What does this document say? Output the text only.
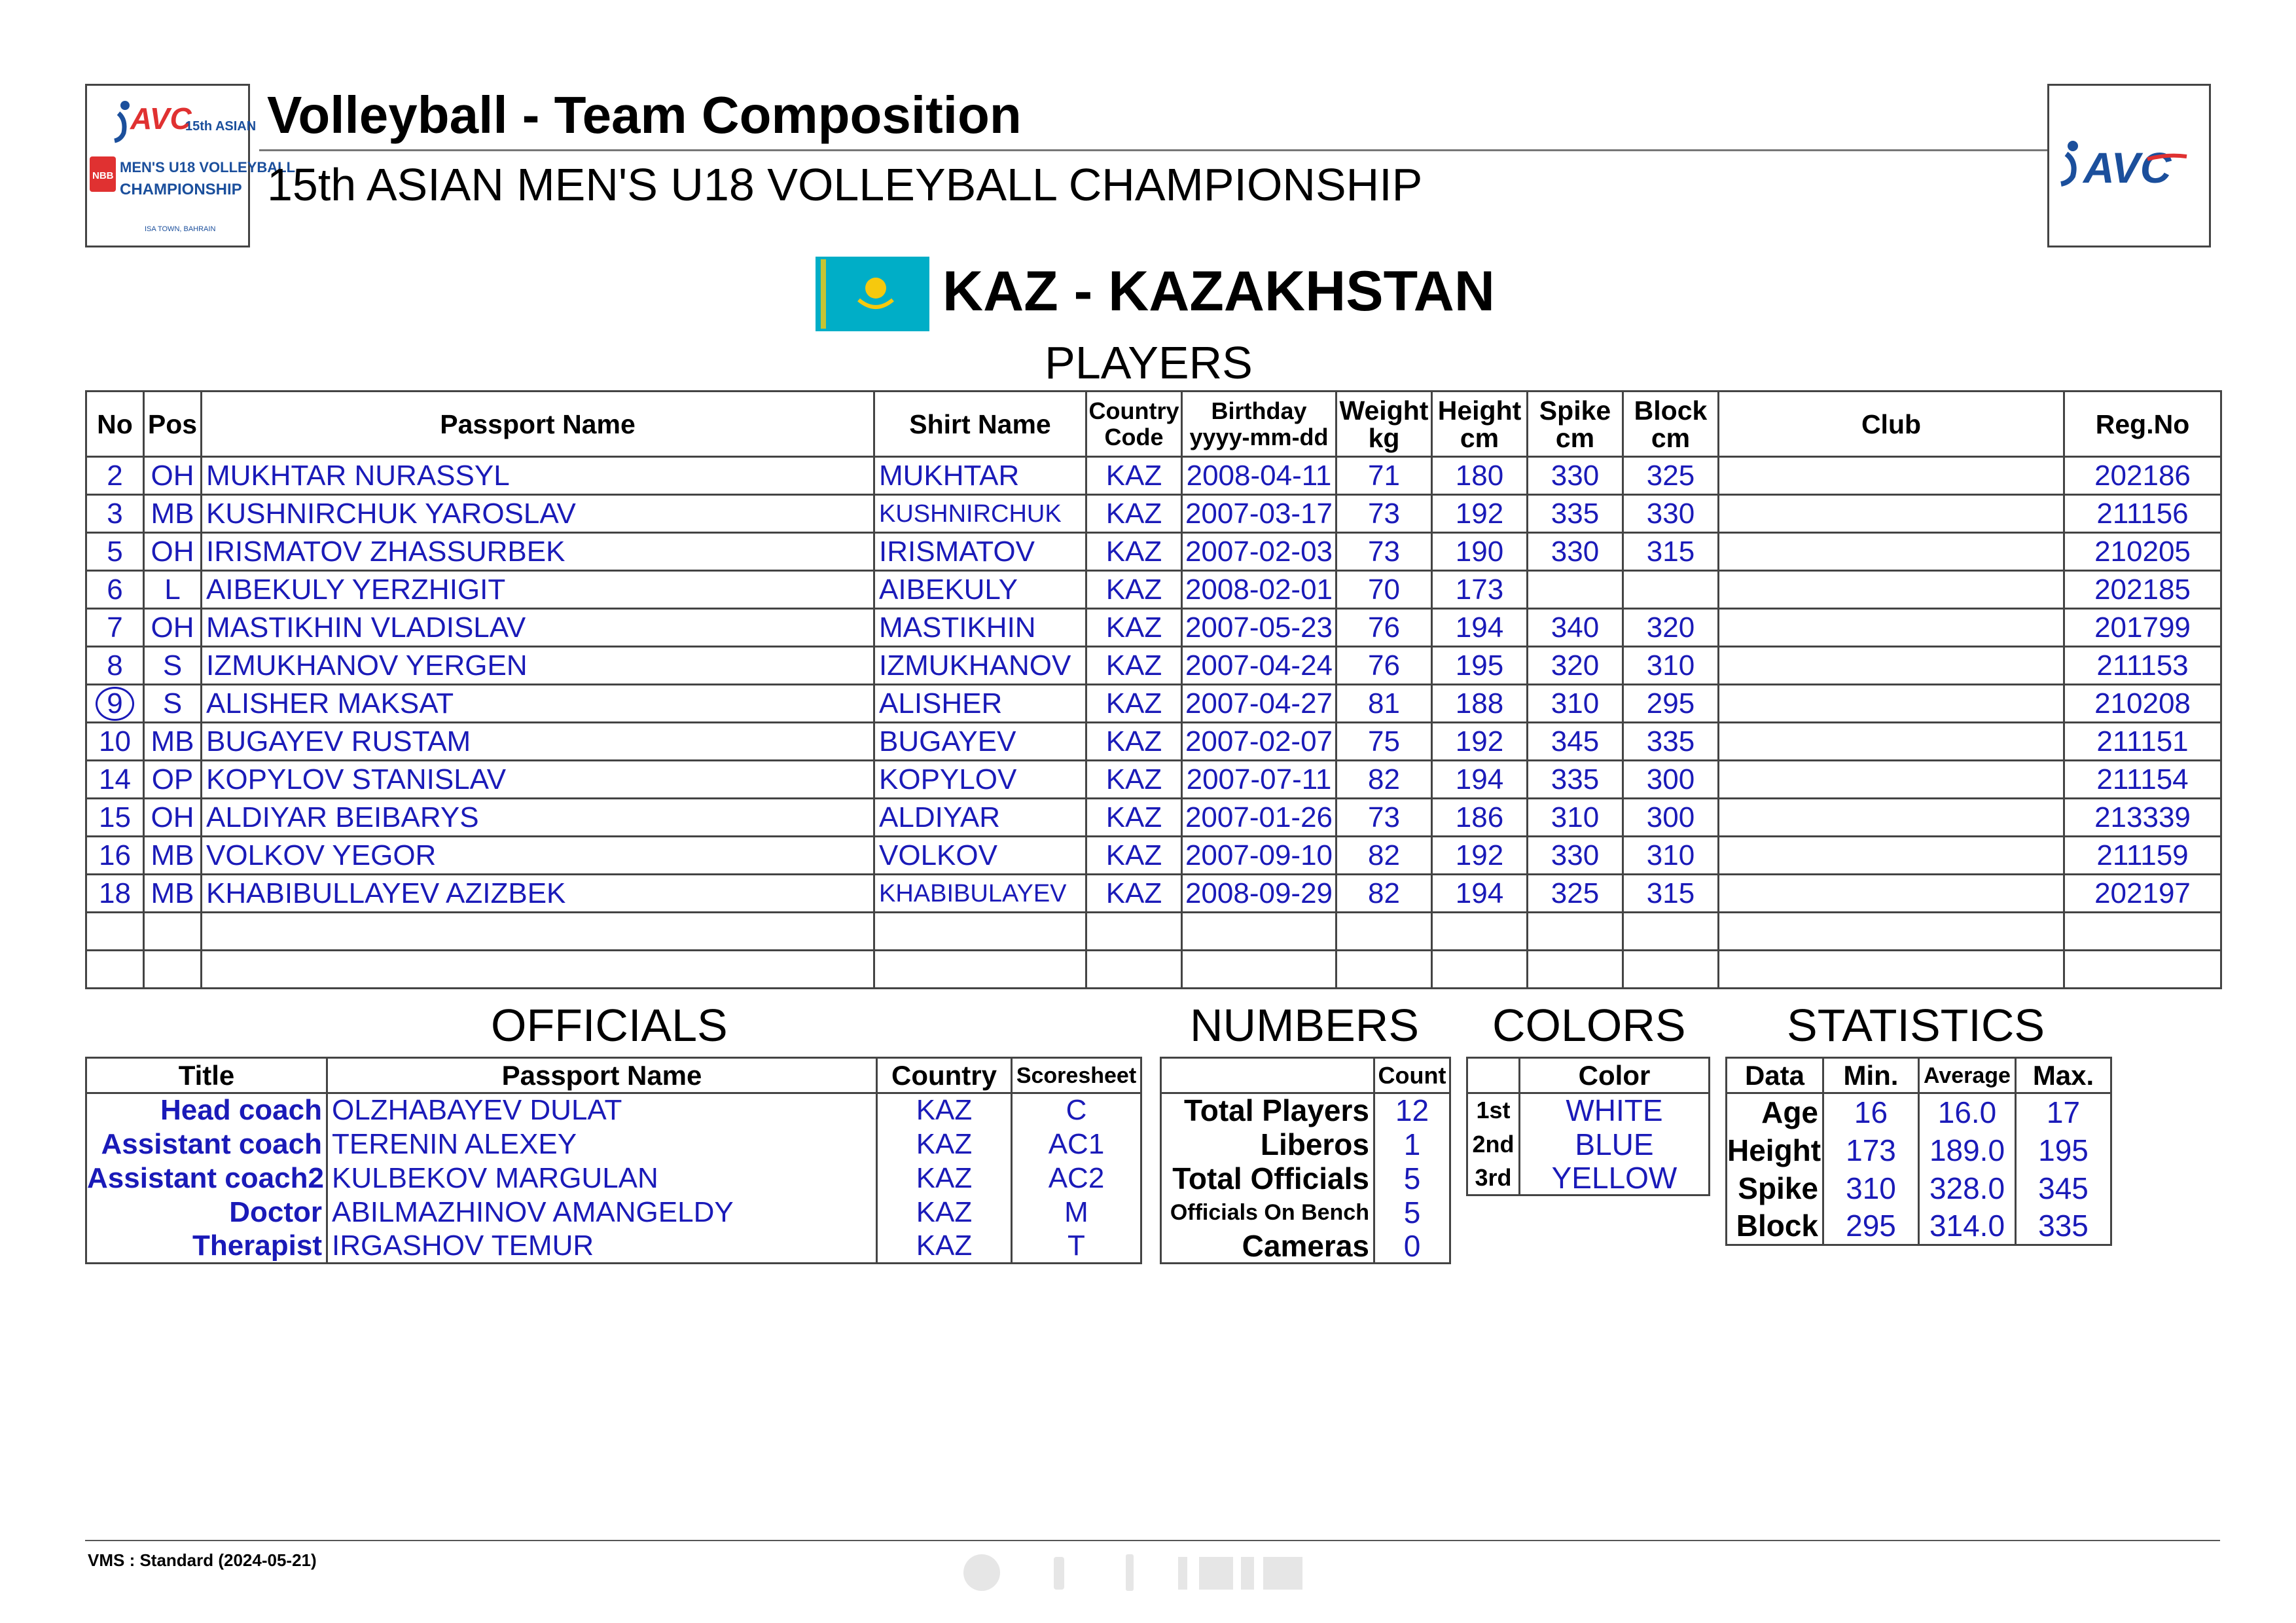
AVC
15th ASIAN
NBB
MEN'S U18 VOLLEYBALL
CHAMPIONSHIP
ISA TOWN, BAHRAIN
Volleyball - Team Composition
15th ASIAN MEN'S U18 VOLLEYBALL CHAMPIONSHIP	AVC
KAZ - KAZAKHSTAN
PLAYERS
No	Pos	Passport Name	Shirt Name	Country Code	Birthday yyyy-mm-dd	Weight kg	Height cm	Spike cm	Block cm	Club	Reg.No
2	OH	MUKHTAR NURASSYL	MUKHTAR	KAZ	2008-04-11	71	180	330	325		202186
3	MB	KUSHNIRCHUK YAROSLAV	KUSHNIRCHUK	KAZ	2007-03-17	73	192	335	330		211156
5	OH	IRISMATOV ZHASSURBEK	IRISMATOV	KAZ	2007-02-03	73	190	330	315		210205
6	L	AIBEKULY YERZHIGIT	AIBEKULY	KAZ	2008-02-01	70	173				202185
7	OH	MASTIKHIN VLADISLAV	MASTIKHIN	KAZ	2007-05-23	76	194	340	320		201799
8	S	IZMUKHANOV YERGEN	IZMUKHANOV	KAZ	2007-04-24	76	195	320	310		211153
9	S	ALISHER MAKSAT	ALISHER	KAZ	2007-04-27	81	188	310	295		210208
10	MB	BUGAYEV RUSTAM	BUGAYEV	KAZ	2007-02-07	75	192	345	335		211151
14	OP	KOPYLOV STANISLAV	KOPYLOV	KAZ	2007-07-11	82	194	335	300		211154
15	OH	ALDIYAR BEIBARYS	ALDIYAR	KAZ	2007-01-26	73	186	310	300		213339
16	MB	VOLKOV YEGOR	VOLKOV	KAZ	2007-09-10	82	192	330	310		211159
18	MB	KHABIBULLAYEV AZIZBEK	KHABIBULAYEV	KAZ	2008-09-29	82	194	325	315		202197

OFFICIALS	NUMBERS COLORS STATISTICS
Title	Passport Name	Country	Scoresheet
Head coach	OLZHABAYEV DULAT	KAZ	C
Assistant coach	TERENIN ALEXEY	KAZ	AC1
Assistant coach2	KULBEKOV MARGULAN	KAZ	AC2
Doctor	ABILMAZHINOV AMANGELDY	KAZ	M
Therapist	IRGASHOV TEMUR	KAZ	T
	Count
Total Players	12
Liberos	1
Total Officials	5
Officials On Bench	5
Cameras	0
	Color
1st	WHITE
2nd	BLUE
3rd	YELLOW
Data	Min.	Average	Max.
Age	16	16.0	17
Height	173	189.0	195
Spike	310	328.0	345
Block	295	314.0	335
VMS : Standard (2024-05-21)
